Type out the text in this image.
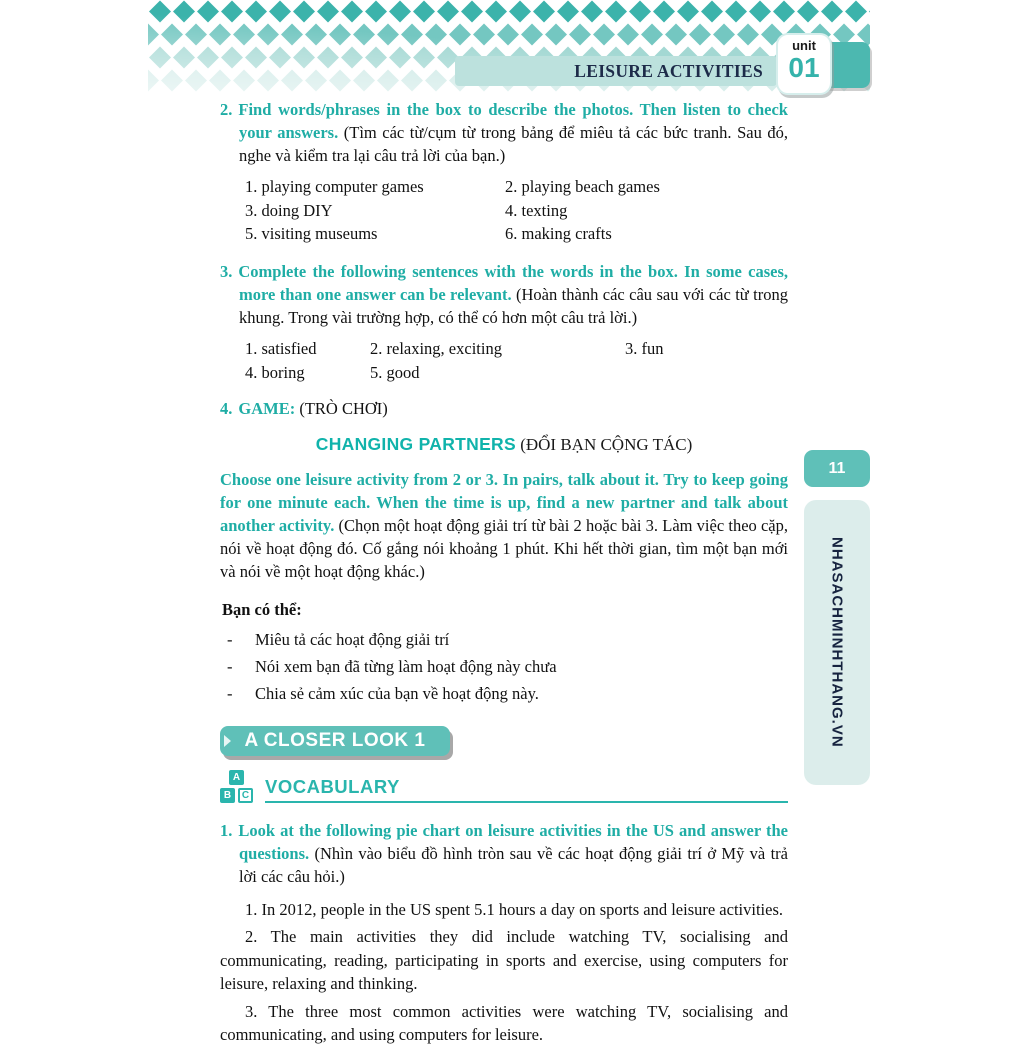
LEISURE ACTIVITIES
unit
01
11
NHASACHMINHTHANG.VN

2. Find words/phrases in the box to describe the photos. Then listen to check your answers. (Tìm các từ/cụm từ trong bảng để miêu tả các bức tranh. Sau đó, nghe và kiểm tra lại câu trả lời của bạn.)

1. playing computer games	2. playing beach games
3. doing DIY	4. texting
5. visiting museums	6. making crafts

3. Complete the following sentences with the words in the box. In some cases, more than one answer can be relevant. (Hoàn thành các câu sau với các từ trong khung. Trong vài trường hợp, có thể có hơn một câu trả lời.)

1. satisfied	2. relaxing, exciting	3. fun
4. boring	5. good

4. GAME: (TRÒ CHƠI)

CHANGING PARTNERS (ĐỔI BẠN CỘNG TÁC)

Choose one leisure activity from 2 or 3. In pairs, talk about it. Try to keep going for one minute each. When the time is up, find a new partner and talk about another activity. (Chọn một hoạt động giải trí từ bài 2 hoặc bài 3. Làm việc theo cặp, nói về hoạt động đó. Cố gắng nói khoảng 1 phút. Khi hết thời gian, tìm một bạn mới và nói về một hoạt động khác.)

Bạn có thể:

-	Miêu tả các hoạt động giải trí
-	Nói xem bạn đã từng làm hoạt động này chưa
-	Chia sẻ cảm xúc của bạn về hoạt động này.
A CLOSER LOOK 1
A
B	C VOCABULARY

1. Look at the following pie chart on leisure activities in the US and answer the questions. (Nhìn vào biểu đồ hình tròn sau về các hoạt động giải trí ở Mỹ và trả lời các câu hỏi.)

1. In 2012, people in the US spent 5.1 hours a day on sports and leisure activities.

2. The main activities they did include watching TV, socialising and communicating, reading, participating in sports and exercise, using computers for leisure, relaxing and thinking.

3. The three most common activities were watching TV, socialising and communicating, and using computers for leisure.
